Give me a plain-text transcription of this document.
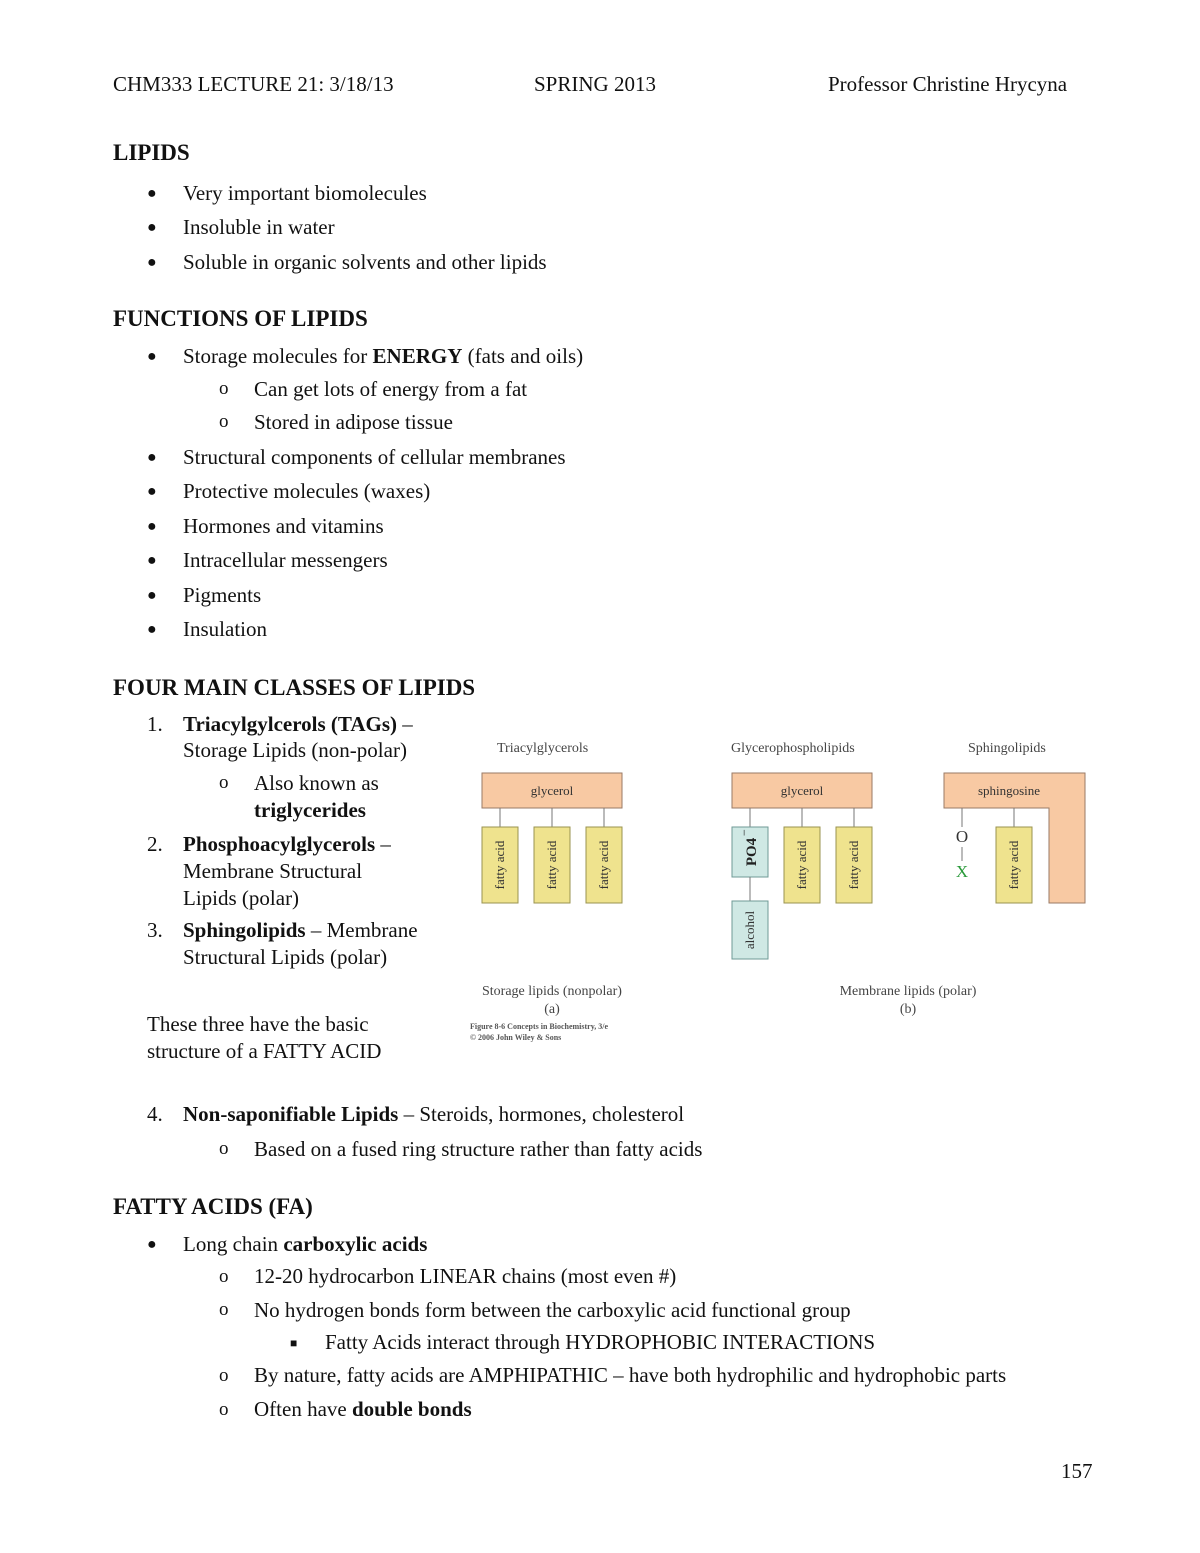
CHM333 LECTURE 21: 3/18/13	SPRING 2013	Professor Christine Hrycyna
LIPIDS
● Very important biomolecules
● Insoluble in water
● Soluble in organic solvents and other lipids
FUNCTIONS OF LIPIDS
● Storage molecules for ENERGY (fats and oils)
o Can get lots of energy from a fat
o Stored in adipose tissue
● Structural components of cellular membranes
● Protective molecules (waxes)
● Hormones and vitamins
● Intracellular messengers
● Pigments
● Insulation
FOUR MAIN CLASSES OF LIPIDS
1. Triacylgylcerols (TAGs) –
Storage Lipids (non-polar)
o Also known as
triglycerides
2. Phosphoacylglycerols –
Membrane Structural
Lipids (polar)
3. Sphingolipids – Membrane
Structural Lipids (polar)
These three have the basic
structure of a FATTY ACID
Triacylglycerols	Glycerophospholipids	Sphingolipids
glycerol
fatty acid	fatty acid	fatty acid
glycerol
PO4
−
alcohol
fatty acid	fatty acid
sphingosine
O
X	fatty acid
Storage lipids (nonpolar)
(a)
Membrane lipids (polar)
(b)
Figure 8-6 Concepts in Biochemistry, 3/e
© 2006 John Wiley & Sons
4. Non-saponifiable Lipids – Steroids, hormones, cholesterol
o Based on a fused ring structure rather than fatty acids
FATTY ACIDS (FA)
● Long chain carboxylic acids
o 12-20 hydrocarbon LINEAR chains (most even #)
o No hydrogen bonds form between the carboxylic acid functional group
■ Fatty Acids interact through HYDROPHOBIC INTERACTIONS
o By nature, fatty acids are AMPHIPATHIC – have both hydrophilic and hydrophobic parts
o Often have double bonds
157
